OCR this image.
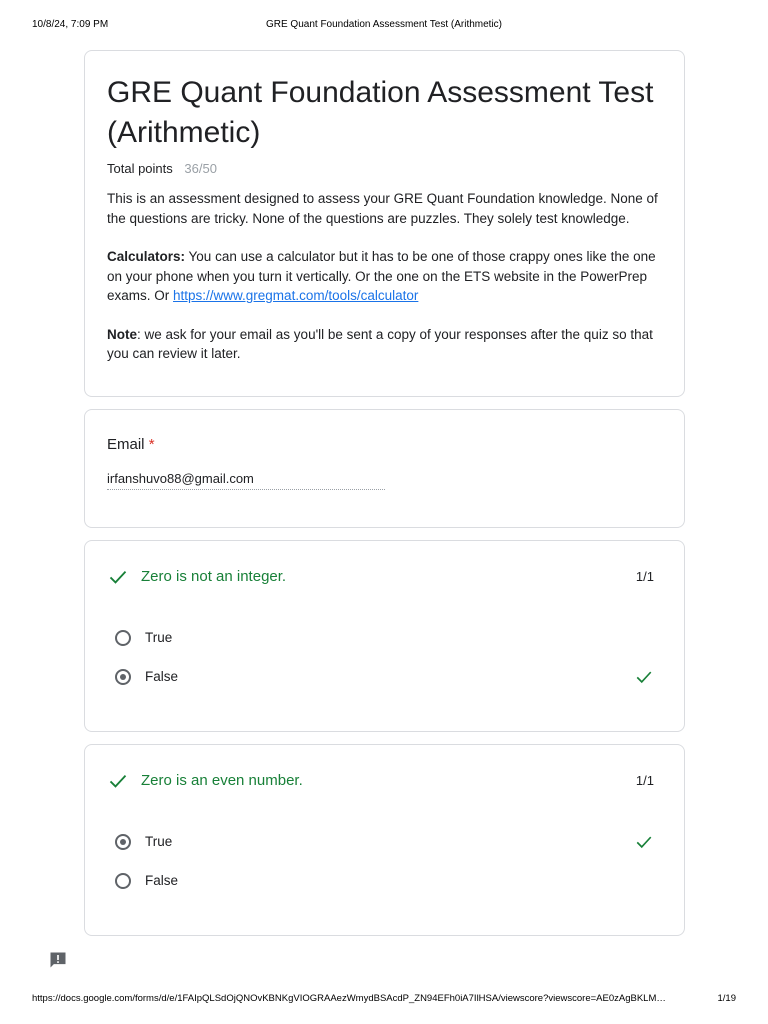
10/8/24, 7:09 PM	GRE Quant Foundation Assessment Test (Arithmetic)
GRE Quant Foundation Assessment Test (Arithmetic)
Total points 36/50

This is an assessment designed to assess your GRE Quant Foundation knowledge. None of the questions are tricky. None of the questions are puzzles. They solely test knowledge.

Calculators: You can use a calculator but it has to be one of those crappy ones like the one on your phone when you turn it vertically. Or the one on the ETS website in the PowerPrep exams. Or https://www.gregmat.com/tools/calculator

Note: we ask for your email as you'll be sent a copy of your responses after the quiz so that you can review it later.

Email *
irfanshuvo88@gmail.com
Zero is not an integer.	1/1
True
False
Zero is an even number.	1/1
True
False
https://docs.google.com/forms/d/e/1FAIpQLSdOjQNOvKBNKgVIOGRAAezWmydBSAcdP_ZN94EFh0iA7IlHSA/viewscore?viewscore=AE0zAgBKLM…	1/19
